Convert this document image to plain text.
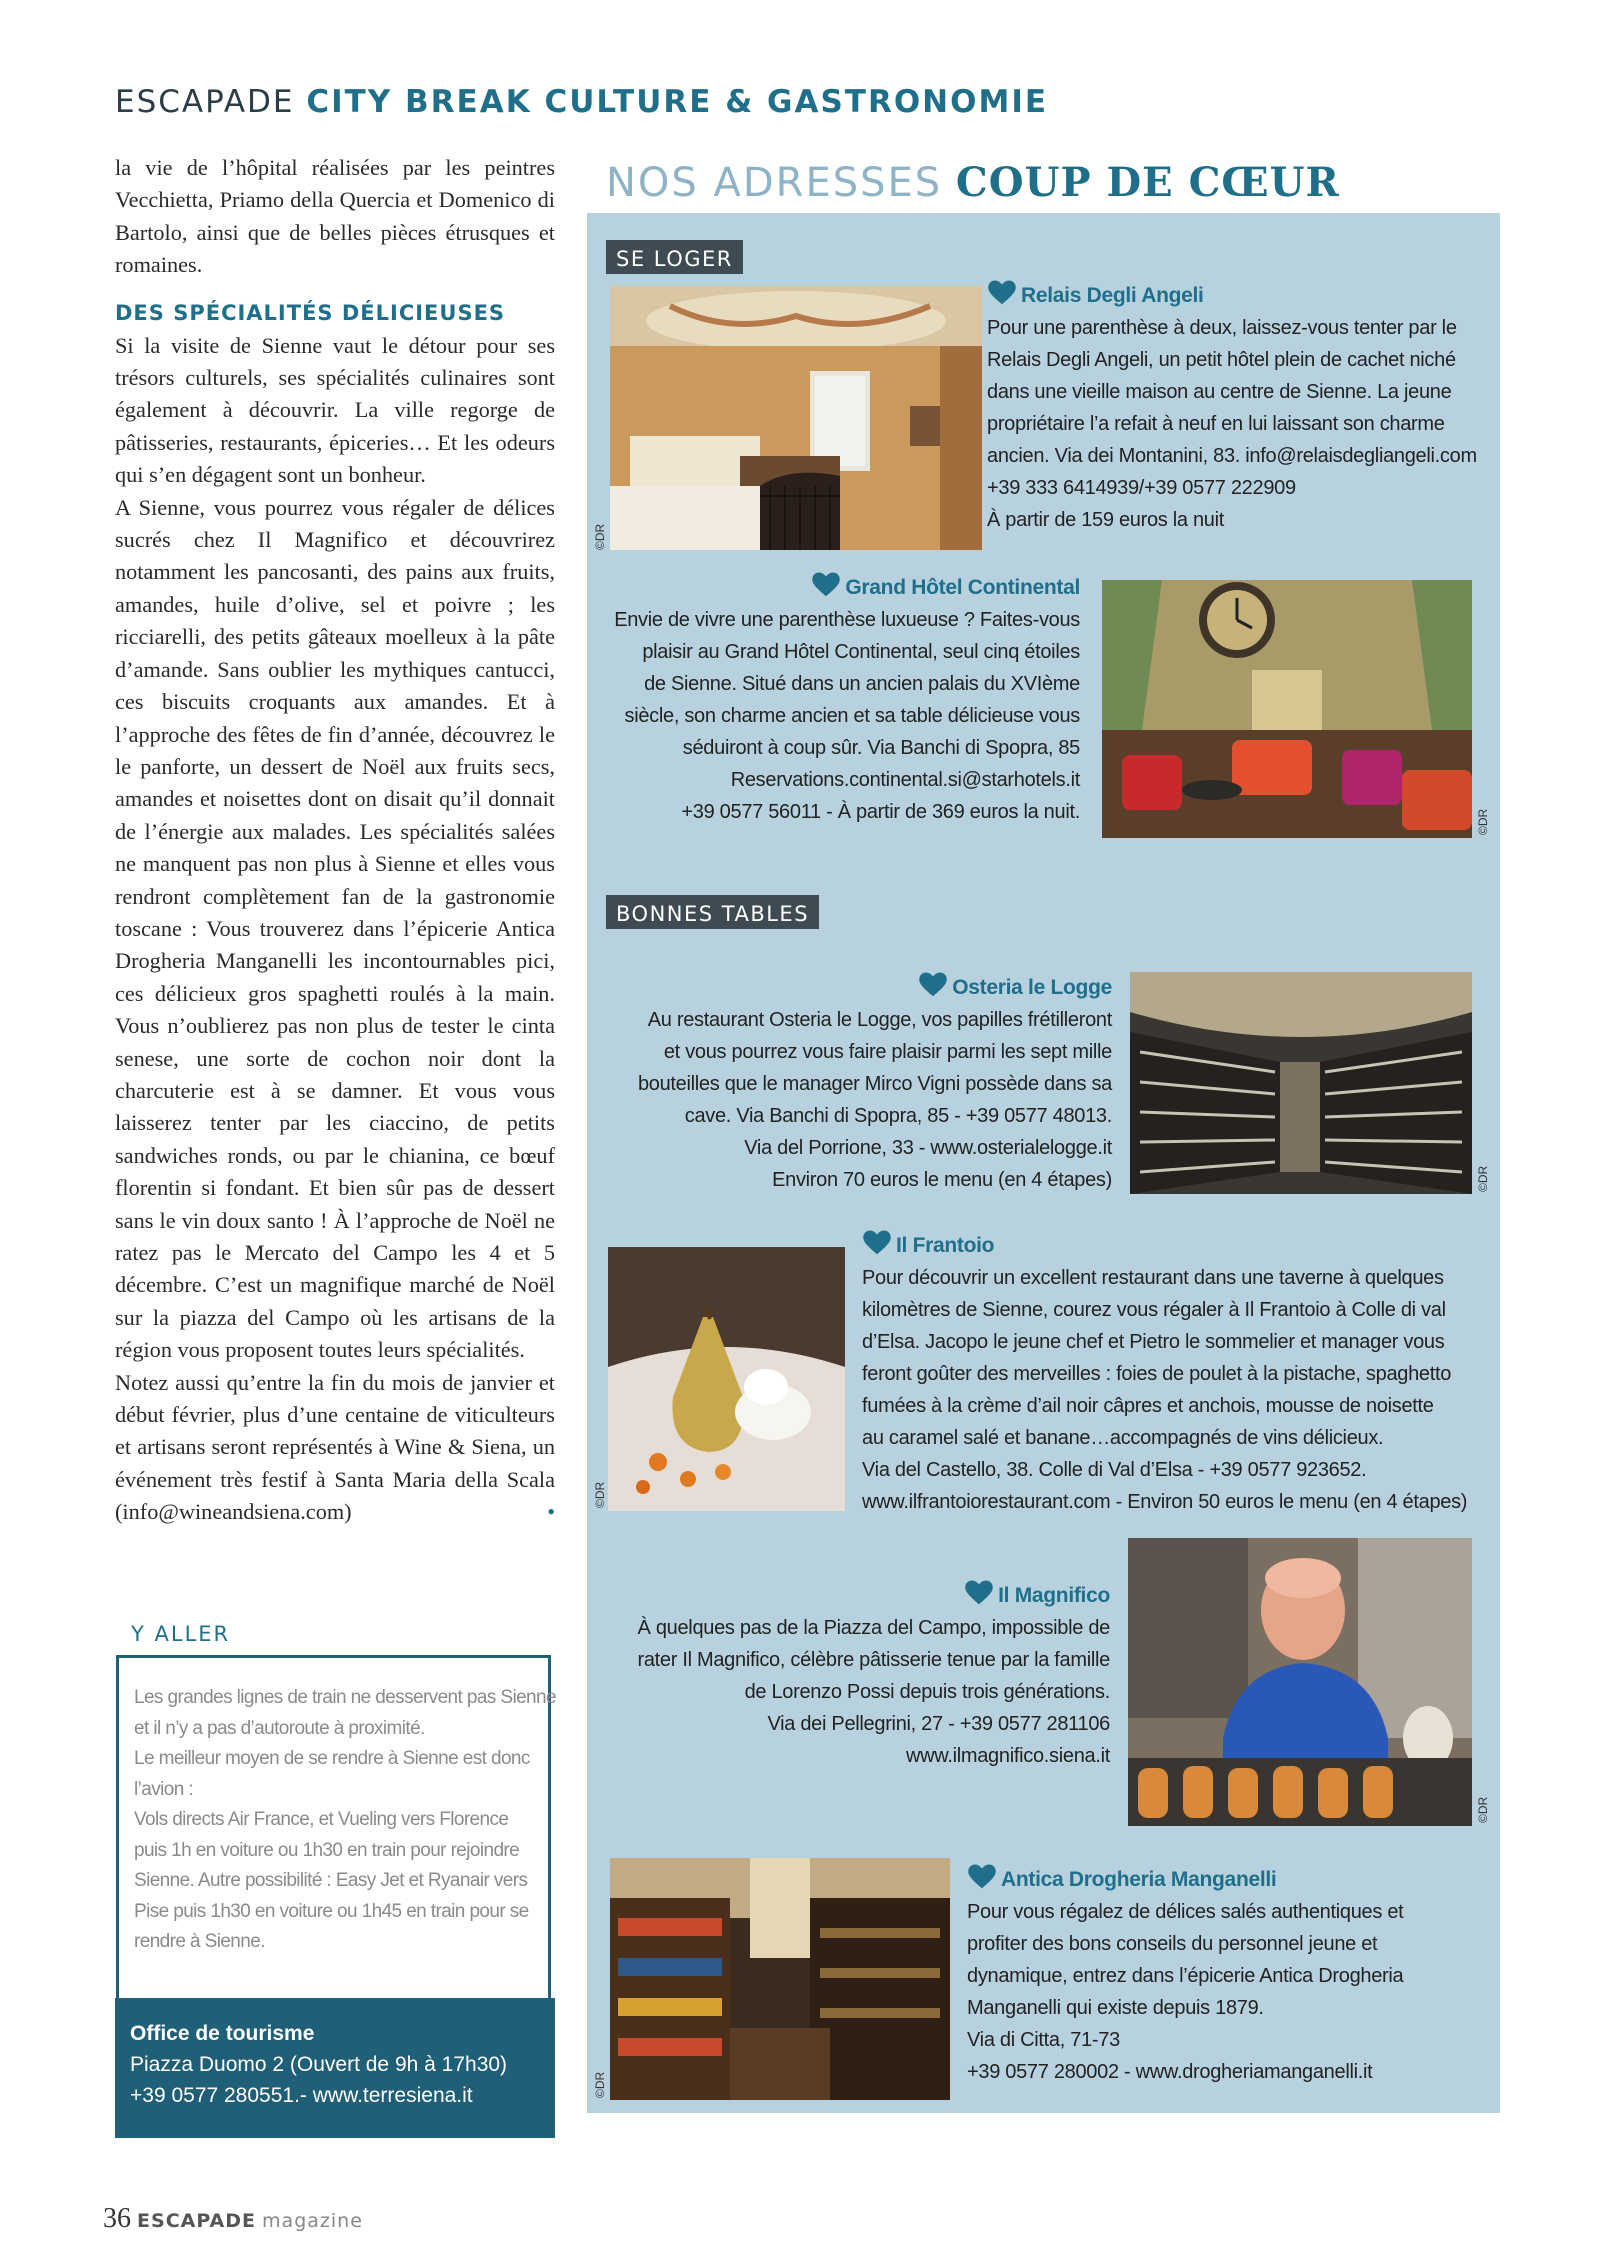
ESCAPADE CITY BREAK CULTURE & GASTRONOMIE

la vie de l’hôpital réalisées par les peintres Vecchietta, Priamo della Quercia et Domenico di Bartolo, ainsi que de belles pièces étrusques et romaines.

DES SPÉCIALITÉS DÉLICIEUSES

Si la visite de Sienne vaut le détour pour ses trésors culturels, ses spécialités culinaires sont également à découvrir. La ville regorge de pâtisseries, restaurants, épiceries… Et les odeurs qui s’en dégagent sont un bonheur.

A Sienne, vous pourrez vous régaler de délices sucrés chez Il Magnifico et découvrirez notamment les pancosanti, des pains aux fruits, amandes, huile d’olive, sel et poivre ; les ricciarelli, des petits gâteaux moelleux à la pâte d’amande. Sans oublier les mythiques cantucci, ces biscuits croquants aux amandes. Et à l’approche des fêtes de fin d’année, découvrez le le panforte, un dessert de Noël aux fruits secs, amandes et noisettes dont on disait qu’il donnait de l’énergie aux malades. Les spécialités salées ne manquent pas non plus à Sienne et elles vous rendront complètement fan de la gastronomie toscane : Vous trouverez dans l’épicerie Antica Drogheria Manganelli les incontournables pici, ces délicieux gros spaghetti roulés à la main. Vous n’oublierez pas non plus de tester le cinta senese, une sorte de cochon noir dont la charcuterie est à se damner. Et vous vous laisserez tenter par les ciaccino, de petits sandwiches ronds, ou par le chianina, ce bœuf florentin si fondant. Et bien sûr pas de dessert sans le vin doux santo ! À l’approche de Noël ne ratez pas le Mercato del Campo les 4 et 5 décembre. C’est un magnifique marché de Noël sur la piazza del Campo où les artisans de la région vous proposent toutes leurs spécialités.

Notez aussi qu’entre la fin du mois de janvier et début février, plus d’une centaine de viticulteurs et artisans seront représentés à Wine & Siena, un événement très festif à Santa Maria della Scala (info@wineandsiena.com)	•

Y ALLER
Les grandes lignes de train ne desservent pas Sienne
et il n’y a pas d’autoroute à proximité.
Le meilleur moyen de se rendre à Sienne est donc
l’avion :
Vols directs Air France, et Vueling vers Florence
puis 1h en voiture ou 1h30 en train pour rejoindre
Sienne. Autre possibilité : Easy Jet et Ryanair vers
Pise puis 1h30 en voiture ou 1h45 en train pour se
rendre à Sienne.
Office de tourisme
Piazza Duomo 2 (Ouvert de 9h à 17h30)
+39 0577 280551.- www.terresiena.it
36 ESCAPADE magazine
NOS ADRESSES COUP DE CŒUR
SE LOGER
BONNES TABLES
©DR
Relais Degli Angeli
Pour une parenthèse à deux, laissez-vous tenter par le
Relais Degli Angeli, un petit hôtel plein de cachet niché
dans une vieille maison au centre de Sienne. La jeune
propriétaire l’a refait à neuf en lui laissant son charme
ancien. Via dei Montanini, 83. info@relaisdegliangeli.com
+39 333 6414939/+39 0577 222909
À partir de 159 euros la nuit
Grand Hôtel Continental
Envie de vivre une parenthèse luxueuse ? Faites-vous
plaisir au Grand Hôtel Continental, seul cinq étoiles
de Sienne. Situé dans un ancien palais du XVIème
siècle, son charme ancien et sa table délicieuse vous
séduiront à coup sûr. Via Banchi di Spopra, 85
Reservations.continental.si@starhotels.it
+39 0577 56011 - À partir de 369 euros la nuit.	©DR
Osteria le Logge
Au restaurant Osteria le Logge, vos papilles frétilleront
et vous pourrez vous faire plaisir parmi les sept mille
bouteilles que le manager Mirco Vigni possède dans sa
cave. Via Banchi di Spopra, 85 - +39 0577 48013.
Via del Porrione, 33 - www.osterialelogge.it
Environ 70 euros le menu (en 4 étapes)	©DR
©DR
Il Frantoio
Pour découvrir un excellent restaurant dans une taverne à quelques
kilomètres de Sienne, courez vous régaler à Il Frantoio à Colle di val
d’Elsa. Jacopo le jeune chef et Pietro le sommelier et manager vous
feront goûter des merveilles : foies de poulet à la pistache, spaghetto
fumées à la crème d’ail noir câpres et anchois, mousse de noisette
au caramel salé et banane…accompagnés de vins délicieux.
Via del Castello, 38. Colle di Val d’Elsa - +39 0577 923652.
www.ilfrantoiorestaurant.com - Environ 50 euros le menu (en 4 étapes)
Il Magnifico
À quelques pas de la Piazza del Campo, impossible de
rater Il Magnifico, célèbre pâtisserie tenue par la famille
de Lorenzo Possi depuis trois générations.
Via dei Pellegrini, 27 - +39 0577 281106
www.ilmagnifico.siena.it
©DR
©DR
Antica Drogheria Manganelli
Pour vous régalez de délices salés authentiques et
profiter des bons conseils du personnel jeune et
dynamique, entrez dans l’épicerie Antica Drogheria
Manganelli qui existe depuis 1879.
Via di Citta, 71-73
+39 0577 280002 - www.drogheriamanganelli.it
